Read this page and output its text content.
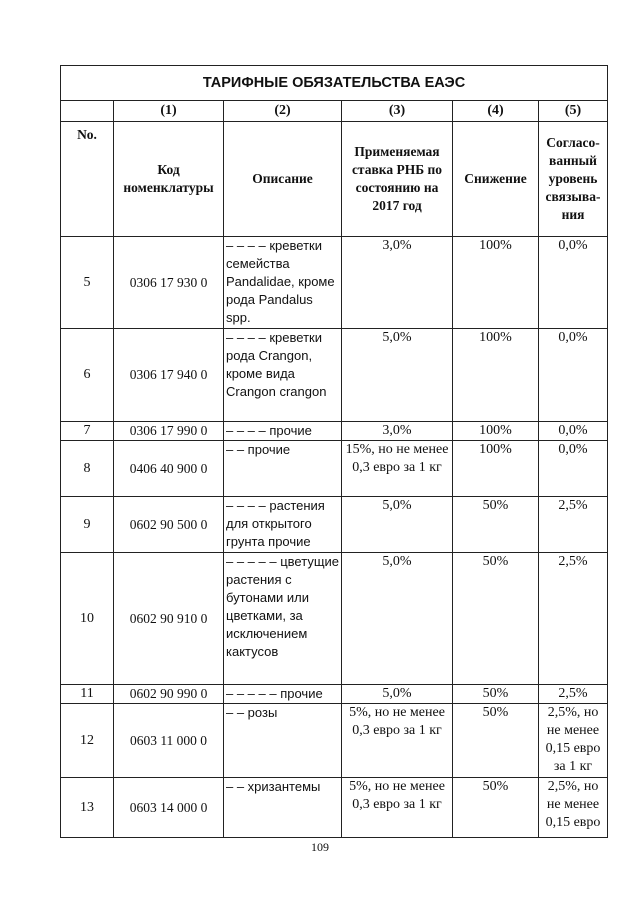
ТАРИФНЫЕ ОБЯЗАТЕЛЬСТВА ЕАЭС					
	(1)	(2)	(3)	(4)	(5)
No.	Код номенклатуры	Описание	Применяемая ставка РНБ по состоянию на 2017 год	Снижение	Согласо-ванный уровень связыва-ния
5	0306 17 930 0	– – – – креветки семейства Pandalidae, кроме рода Pandalus spp.	3,0%	100%	0,0%
6	0306 17 940 0	– – – – креветки рода Crangon, кроме вида Crangon crangon	5,0%	100%	0,0%
7	0306 17 990 0	– – – – прочие	3,0%	100%	0,0%
8	0406 40 900 0	– – прочие	15%, но не менее 0,3 евро за 1 кг	100%	0,0%
9	0602 90 500 0	– – – – растения для открытого грунта прочие	5,0%	50%	2,5%
10	0602 90 910 0	– – – – – цветущие растения с бутонами или цветками, за исключением кактусов	5,0%	50%	2,5%
11	0602 90 990 0	– – – – – прочие	5,0%	50%	2,5%
12	0603 11 000 0	– – розы	5%, но не менее 0,3 евро за 1 кг	50%	2,5%, но не менее 0,15 евро за 1 кг
13	0603 14 000 0	– – хризантемы	5%, но не менее 0,3 евро за 1 кг	50%	2,5%, но не менее 0,15 евро
109
